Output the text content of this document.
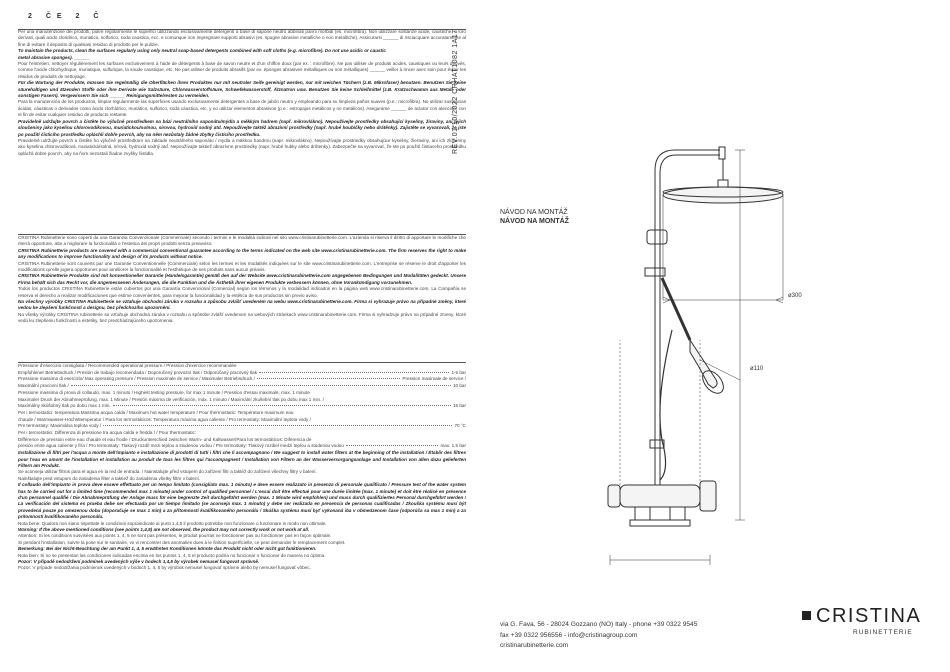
2 ČE 2 Č

Per una manutenzione dei prodotti, pulire regolarmente le superfici utilizzando esclusivamente detergenti a base di sapone neutro abbinati panni morbidi (es. microfibra). Non utilizzare sostanze acide, caustiche, o loro derivati, quali acido cloridrico, muriatico, solforico, soda caustica, ecc. e comunque non impregnare supporti abrasivi (es. spugne abrasive metalliche o non metalliche). Assicurarsi ______ di risciacquare accuratamente al fine di evitare il deposito di qualsiasi residuo di prodotto per le pulizie.

To maintain the products, clean the surfaces regularly using only neutral soap-based detergents combined with soft cloths (e.g. microfibre). Do not use acidic or caustic

metal abrasive sponges). ______

Pour l'entretien, nettoyer régulièrement les surfaces exclusivement à l'aide de détergents à base de savon neutre et d'un chiffon doux (par ex. : microfibre). Ne pas utiliser de produits acides, caustiques ou leurs dérivés, comme l'acide chlorhydrique, muriatique, sulfurique, la soude caustique, etc. Ne pas utiliser de produits abrasifs (par ex. éponges abrasives métalliques ou non métalliques) ______ veiller à rincer avec soin pour éviter les résidus de produits de nettoyage.

Für die Wartung der Produkte, müssen Sie regelmäßig die Oberflächen ihres Produktes nur mit neutraler Seife gereinigt werden, nur mit weichen Tüchern (z.B. Mikrofaser) benutzen. Benutzen Sie keine säurehaltigen und ätzenden Stoffe oder ihre Derivate wie Salzsäure, Chlorwasserstoffsäure, Schwefelwasserstoff, Ätznatron usw. Benutzen Sie keine Schleifmittel (z.B. Kratzschwamm aus Metall- oder sonstigen Fasern). Vergewissern Sie sich ______ Reinigungsmittelresten zu vermeiden.

Para la manutención de los productos, limpiar regularmente las superficies usando exclusivamente detergentes a base de jabón neutro y empleando para su limpieza paños suaves (p.e.: microfibra). No utilizar sustancias ácidas, cáusticas o derivados como ácido clorhídrico, muriático, sulfúrico, soda cáustica, etc. y no utilizar elementos abrasivos (p.e.: estropajos metálicos y no metálicos). Asegurarse ______ de aclarar con atención, con el fin de evitar cualquier residuo de producto restante.

Pravidelně udržujte povrch a čistěte ho výlučně prostředkem na bázi neutrálního saponátu/mýdla a měkkým hadrem (např. mikrovlákno). Nepoužívejte prostředky obsahující kyseliny, žíraviny, ani jejich sloučeniny jako kyselinu chlorovodíkovou, muriatickou/solnou, sírovou, hydroxid sodný atd. Nepoužívejte taktéž abrazivní prostředky (např. hrubé houbičky nebo drátěnky). Zajistěte se vyvarovali, že jste po použití čisticího prostředku opláchli dobře povrch, aby na něm nezůstaly žádné zbytky čisticího prostředku.

Pravidelně udržujte povrch a čistěte ho výlučně prostředkom na základe neutrálneho saponátu / mydla a mäkkou handrou (napr. mikrovlákno). Nepoužívajte prostriedky obsahujúce kyseliny, žieraviny, ani ich zlúčeniny ako kyselina chlorovodíková, muriatická/solná, sírová, hydroxid sodný atď. Nepoužívajte taktiež abrazívne prostriedky (napr. hrubé hubky alebo drôtenky). Zabezpečte sa vyvarovať, že ste po použití čistiaceho prostriedku opláchli dobre povrch, aby na ňom nezostali žiadne zvyšky čistidla.

CRISTINA Rubinetterie sono coperti da una Garanzia Convenzionale (Commerciale) secondo i termini e le modalità indicati nel sito www.cristinarubinetterie.com. L'azienda si riserva il diritto di apportare le modifiche che riterrà opportune, atte a migliorare la funzionalità e l'estetica dei propri prodotti senza preavviso.

CRISTINA Rubinetterie products are covered with a commercial conventional guarantee according to the terms indicated on the web site www.cristinarubinetterie.com. The firm reserves the right to make any modifications to improve functionality and design of its products without notice.

CRISTINA Rubinetterie sont couverts par une Garantie Conventionnelle (Commerciale) selon les termes et les modalités indiquées sur le site www.cristinarubinetterie.com. L'entreprise se réserve le droit d'apporter les modifications qu'elle jugera opportunes pour améliorer la fonctionnalité et l'esthétique de ses produits sans aucun préavis.

CRISTINA Rubinetterie Produkte sind mit konventioneller Garantie (Handelsgarantie) gemäß den auf der Website www.cristinarubinetterie.com angegebenen Bedingungen und Modalitäten gedeckt. Unsere Firma behält sich das Recht vor, die angemessenen Änderungen, die die Funktion und die Ästhetik ihrer eigenen Produkte verbessern können, ohne Vorankündigung vorzunehmen.

Todos los productos CRISTINA Rubinetterie están cubiertos por una Garantía Convencional (Comercial) según los términos y la modalidad indicados en la página web www.cristinarubinetterie.com. La Compañía se reserva el derecho a realizar modificaciones que estime convenientes, para mejorar la funcionalidad y la estética de sus productos sin previo aviso.

Na všechny výrobky CRISTINA Rubinetterie se vztahuje obchodní záruka v rozsahu a způsobu zvlášť uvedeném na webu www.cristinarubinetterie.com. Firma si vyhrazuje právo na případné změny, které vedou ke zlepšení funkčnosti a designu, bez předchozího upozornění.

Na všetky výrobky CRISTINA rubinetterie sa vzťahuje obchodná záruka v rozsahu a spôsobe zvlášť uvedenom na webových stránkach www.cristinarubinetterie.com. Firma si vyhradzuje právo na prípadné zmeny, ktoré vedú ku zlepšeniu funkčnosti a estetiky, bez predchádzajúceho upozornenia.

Pressione d'esercizio consigliata / Recommended operational pressure / Pression d'exercice recommandée
Empfohlener Betriebsdruck / Presión de trabajo recomendada / Doporučený provozní tlak / Odporúčaný pracovný tlak	1-5 bar
Pressione massima di esercizio/ Max operating pressure / Pression maximale de service / Maximaler Betriebsdruck /	Pression maximale de service /
Maximální pracovní tlak /	10 bar
Pressione massima di prova di collaudo, max. 1 minuto / Highest testing pressure, for max 1 minute / Pression d'essai maximale, max. 1 minute
Maximaler Druck der Abnahmeprüfung, max. 1 Minute / Presión máxima de verificación, máx. 1 minuto / Maximální zkušební tlak po dobu max 1 min. /
Maximálny skúšobný tlak po dobu max 1 min.	16 bar
Per i termostatici: temperatura Massima acqua calda / Maximum hot water temperature / Pour thermostatic: Température maximum eau
chaude / Warmwasser-Höchsttemperatur / Para los termostáticos: Temperatura máxima agua caliente / Pro termostaty: Maximální teplota vody /
Pre termostaty: Maximálna teplota vody /	70 °C
Per i termostatici: Differenza di pressione tra acqua calda e fredda / / Pour thermostatic:
Différence de pression entre eau chaude et eau froide / Druckunterschied zwischen Warm- und Kaltwasser/Para los termostáticos: Diferencia de
presión entre agua caliente y fría / Pro termostaty: Tlakový rozdíl mezi teplou a studenou vodou / Pre termostaty: Tlakový rozdiel medzi teplou a studenou vodou	max. 1,5 bar

Installazione di filtri per l'acqua a monte dell'impianto e installazione di prodotti di tutti i filtri che li accompagnano / We suggest to install water filters at the beginning of the installation / Établir des filtres pour l'eau en amont de l'installation et installation au produit de tous les filtres qui l'accompagnent / Installation von Filtern an der Wasserversorgungsanlage und Installation von allen dazu gelieferten Filtern am Produkt.

Se aconseja utilizar filtros para el agua en la red de entrada. / Nainstalujte před vstupem do zařízení filtr a taktéž do zařízení všechny filtry v balení.

Nainštalujte pred vstupom do zariadenia filter a taktiež do zariadenia všetky filtre v balení.

Il collaudo dell'impianto in prova deve essere effettuato per un tempo limitato (consigliato max. 1 minuto) e deve essere realizzato in presenza di personale qualificato / Pressure test of the water system has to be carried out for a limited time (recommended max 1 minute) under control of qualified personnel / L'essai doit être effectué pour une durée limitée (max. 1 minute) et doit être réalisé en présence d'un personnel qualifié / Die Abnahmeprüfung der Anlage muss für eine begrenzte Zeit durchgeführt werden (max. 1 Minute wird empfohlen) und muss durch qualifiziertes Personal durchgeführt werden / La verificación del sistema es prueba debe ser efectuada por un tiempo limitado (se aconseja max. 1 minuto) y debe ser realizada en presencia de personas cualificadas / Zkouška systému musí být provedená pouze po omezenou dobu (doporučuje se max 1 min) a za přítomnosti kvalifikovaného personálu / Skúška systému musí byť vykonaná iba v obmedzenom čase (odporúča sa max 1 min) a za prítomnosti kvalifikovaného personálu.

Nota bene: Qualora non siano rispettate le condizioni sopraindicate ai punti 1,4,5 il prodotto potrebbe non funzionare o funzionare in modo non ottimale.

Warning: If the above mentioned conditions (see points 1,4,5) are not observed, the product may not correctly work or not work at all.

Attention: Si les conditions susvisées aux points 1, 4, 5 ne sont pas présentes, le produit pourrait ne fonctionner pas ou fonctionner pas en façon optimale.

Si pendant l'installation, suivre la pose sur le sanitaire, vo vi rencontrer des anomalies dues à le finition superficielle, ce peut demander le remplacement complet.

Bemerkung: Bei der Nicht-Beachtung der am Punkt 1, 4, 5 erwähnten Konditionen könnte das Produkt nicht oder nicht gut funktionieren.

Nota bien: Si no se presentan las condiciones indicadas encima en los puntos 1, 4, 5 el producto podría no funcionar o funcionar de manera no óptima.

Pozor: V případě nedodržení podmínek uvedených výše v bodech 1,4,5 by výrobek nemusel fungovat správně.

Pozor: V prípade nedodržania podmienok uvedených v bodoch 1, 4, 5 by výrobok nemusel fungovať správne alebo by nemusel fungovať vôbec.

REV.01 10/2022 CRHAT1082 1A17
NÁVOD NA MONTÁŽ
NÁVOD NA MONTÁŽ
ø300
ø110
via G. Fava, 56 - 28024 Gozzano (NO) Italy - phone +39 0322 9545
fax +39 0322 956556 - info@cristinagroup.com
cristinarubinetterie.com
CRISTINA
RUBINETTERIE
